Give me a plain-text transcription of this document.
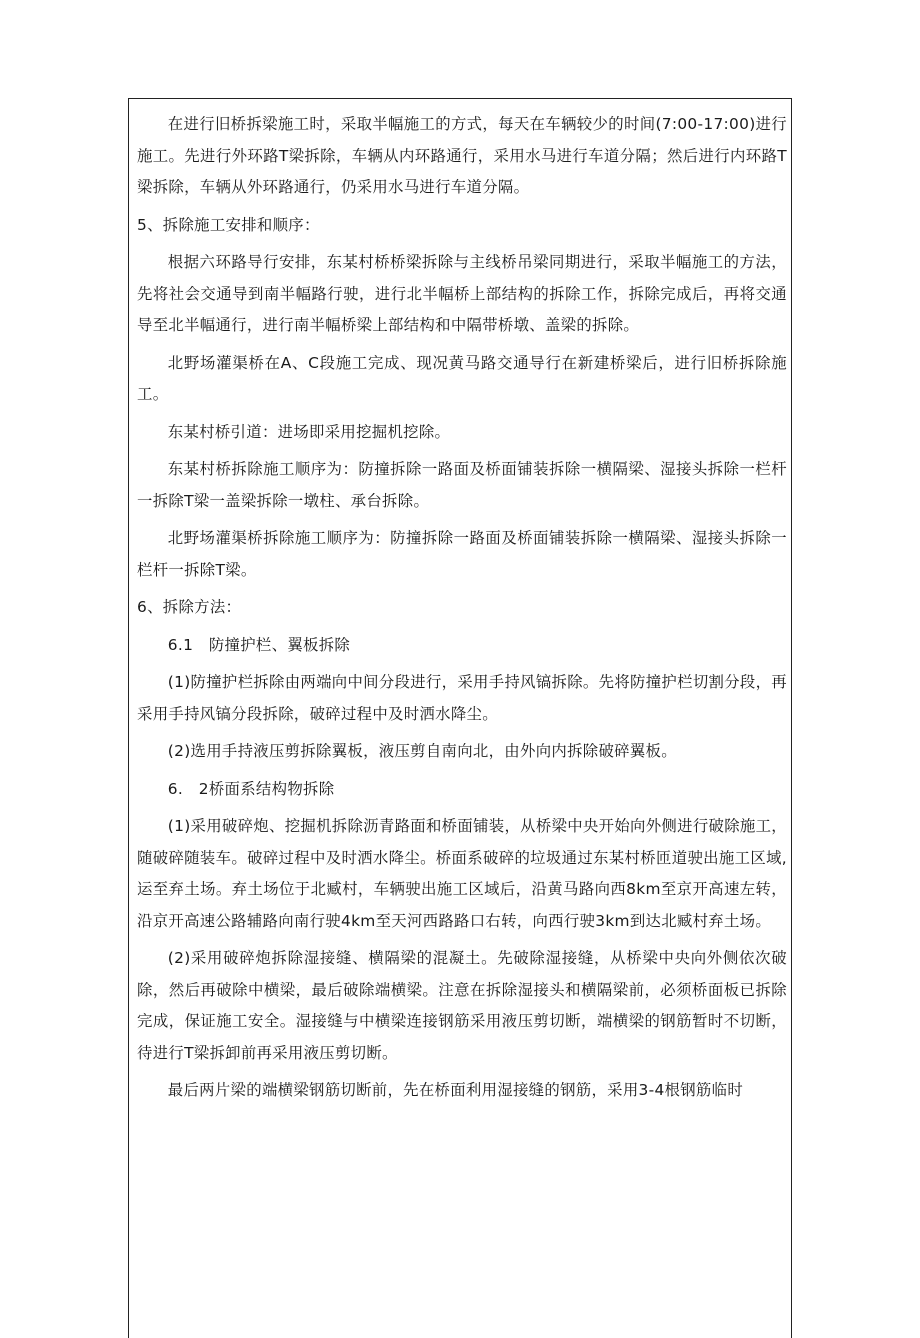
在进行旧桥拆梁施工时，采取半幅施工的方式，每天在车辆较少的时间(7:00-17:00)进行施工。先进行外环路T梁拆除，车辆从内环路通行，采用水马进行车道分隔；然后进行内环路T梁拆除，车辆从外环路通行，仍采用水马进行车道分隔。

5、拆除施工安排和顺序：

根据六环路导行安排，东某村桥桥梁拆除与主线桥吊梁同期进行，采取半幅施工的方法，先将社会交通导到南半幅路行驶，进行北半幅桥上部结构的拆除工作，拆除完成后，再将交通导至北半幅通行，进行南半幅桥梁上部结构和中隔带桥墩、盖梁的拆除。

北野场灌渠桥在A、C段施工完成、现况黄马路交通导行在新建桥梁后，进行旧桥拆除施工。

东某村桥引道：进场即采用挖掘机挖除。

东某村桥拆除施工顺序为：防撞拆除一路面及桥面铺装拆除一横隔梁、湿接头拆除一栏杆一拆除T梁一盖梁拆除一墩柱、承台拆除。

北野场灌渠桥拆除施工顺序为：防撞拆除一路面及桥面铺装拆除一横隔梁、湿接头拆除一栏杆一拆除T梁。

6、拆除方法：

6.1　防撞护栏、翼板拆除

(1)防撞护栏拆除由两端向中间分段进行，采用手持风镐拆除。先将防撞护栏切割分段，再采用手持风镐分段拆除，破碎过程中及时洒水降尘。

(2)选用手持液压剪拆除翼板，液压剪自南向北，由外向内拆除破碎翼板。

6.　2桥面系结构物拆除

(1)采用破碎炮、挖掘机拆除沥青路面和桥面铺装，从桥梁中央开始向外侧进行破除施工，随破碎随装车。破碎过程中及时洒水降尘。桥面系破碎的垃圾通过东某村桥匝道驶出施工区域,运至弃土场。弃土场位于北臧村，车辆驶出施工区域后，沿黄马路向西8km至京开高速左转，沿京开高速公路辅路向南行驶4km至天河西路路口右转，向西行驶3km到达北臧村弃土场。

(2)采用破碎炮拆除湿接缝、横隔梁的混凝土。先破除湿接缝，从桥梁中央向外侧依次破除，然后再破除中横梁，最后破除端横梁。注意在拆除湿接头和横隔梁前，必须桥面板已拆除完成，保证施工安全。湿接缝与中横梁连接钢筋采用液压剪切断，端横梁的钢筋暂时不切断，待进行T梁拆卸前再采用液压剪切断。

最后两片梁的端横梁钢筋切断前，先在桥面利用湿接缝的钢筋，采用3-4根钢筋临时
